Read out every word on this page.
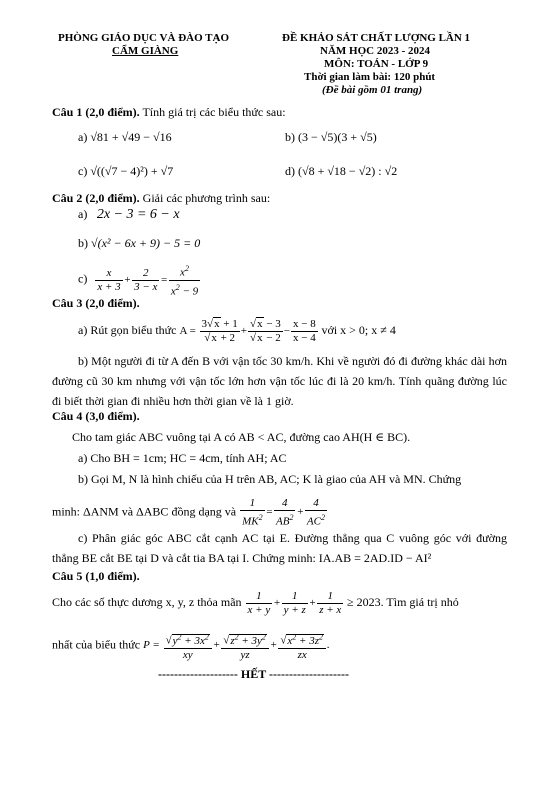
PHÒNG GIÁO DỤC VÀ ĐÀO TẠO
CẨM GIÀNG
ĐỀ KHẢO SÁT CHẤT LƯỢNG LẦN 1
NĂM HỌC 2023 - 2024
MÔN: TOÁN - LỚP 9
Thời gian làm bài: 120 phút
(Đề bài gồm 01 trang)
Câu 1 (2,0 điểm). Tính giá trị các biểu thức sau:
a) √81 + √49 − √16	b) (3 − √5)(3 + √5)
c) √((√7 − 4)²) + √7	d) (√8 + √18 − √2) : √2
Câu 2 (2,0 điểm). Giải các phương trình sau:
a) 2x − 3 = 6 − x
b) √(x² − 6x + 9) − 5 = 0
$c) \frac{x}{x + 3} + \frac{2}{3 - x} = \frac{x^2}{x^2 - 9}$
Câu 3 (2,0 điểm).
a) Rút gọn biểu thức $A = \frac{3√x + 1}{√x + 2} + \frac{√x - 3}{√x - 2} - \frac{x - 8}{x - 4}$ với x > 0; x ≠ 4
b) Một người đi từ A đến B với vận tốc 30 km/h. Khi về người đó đi đường khác dài hơn đường cũ 30 km nhưng với vận tốc lớn hơn vận tốc lúc đi là 20 km/h. Tính quãng đường lúc đi biết thời gian đi nhiều hơn thời gian về là 1 giờ.
Câu 4 (3,0 điểm).
Cho tam giác ABC vuông tại A có AB < AC, đường cao AH(H ∈ BC).
a) Cho BH = 1cm; HC = 4cm, tính AH; AC
b) Gọi M, N là hình chiếu của H trên AB, AC; K là giao của AH và MN. Chứng
minh: ΔANM và ΔABC đồng dạng và $\frac{1}{MK^2} = \frac{4}{AB^2} + \frac{4}{AC^2}$
c) Phân giác góc ABC cắt cạnh AC tại E. Đường thẳng qua C vuông góc với đường thẳng BE cắt BE tại D và cắt tia BA tại I. Chứng minh: IA.AB = 2AD.ID − AI²
Câu 5 (1,0 điểm).
Cho các số thực dương x, y, z thỏa mãn $\frac{1}{x + y} + \frac{1}{y + z} + \frac{1}{z + x} \ge 2023$. Tìm giá trị nhỏ
nhất của biểu thức $P = \frac{√y^2 + 3x^2}{xy} + \frac{√z^2 + 3y^2}{yz} + \frac{√x^2 + 3z^2}{zx}$ .
-------------------- HẾT --------------------
